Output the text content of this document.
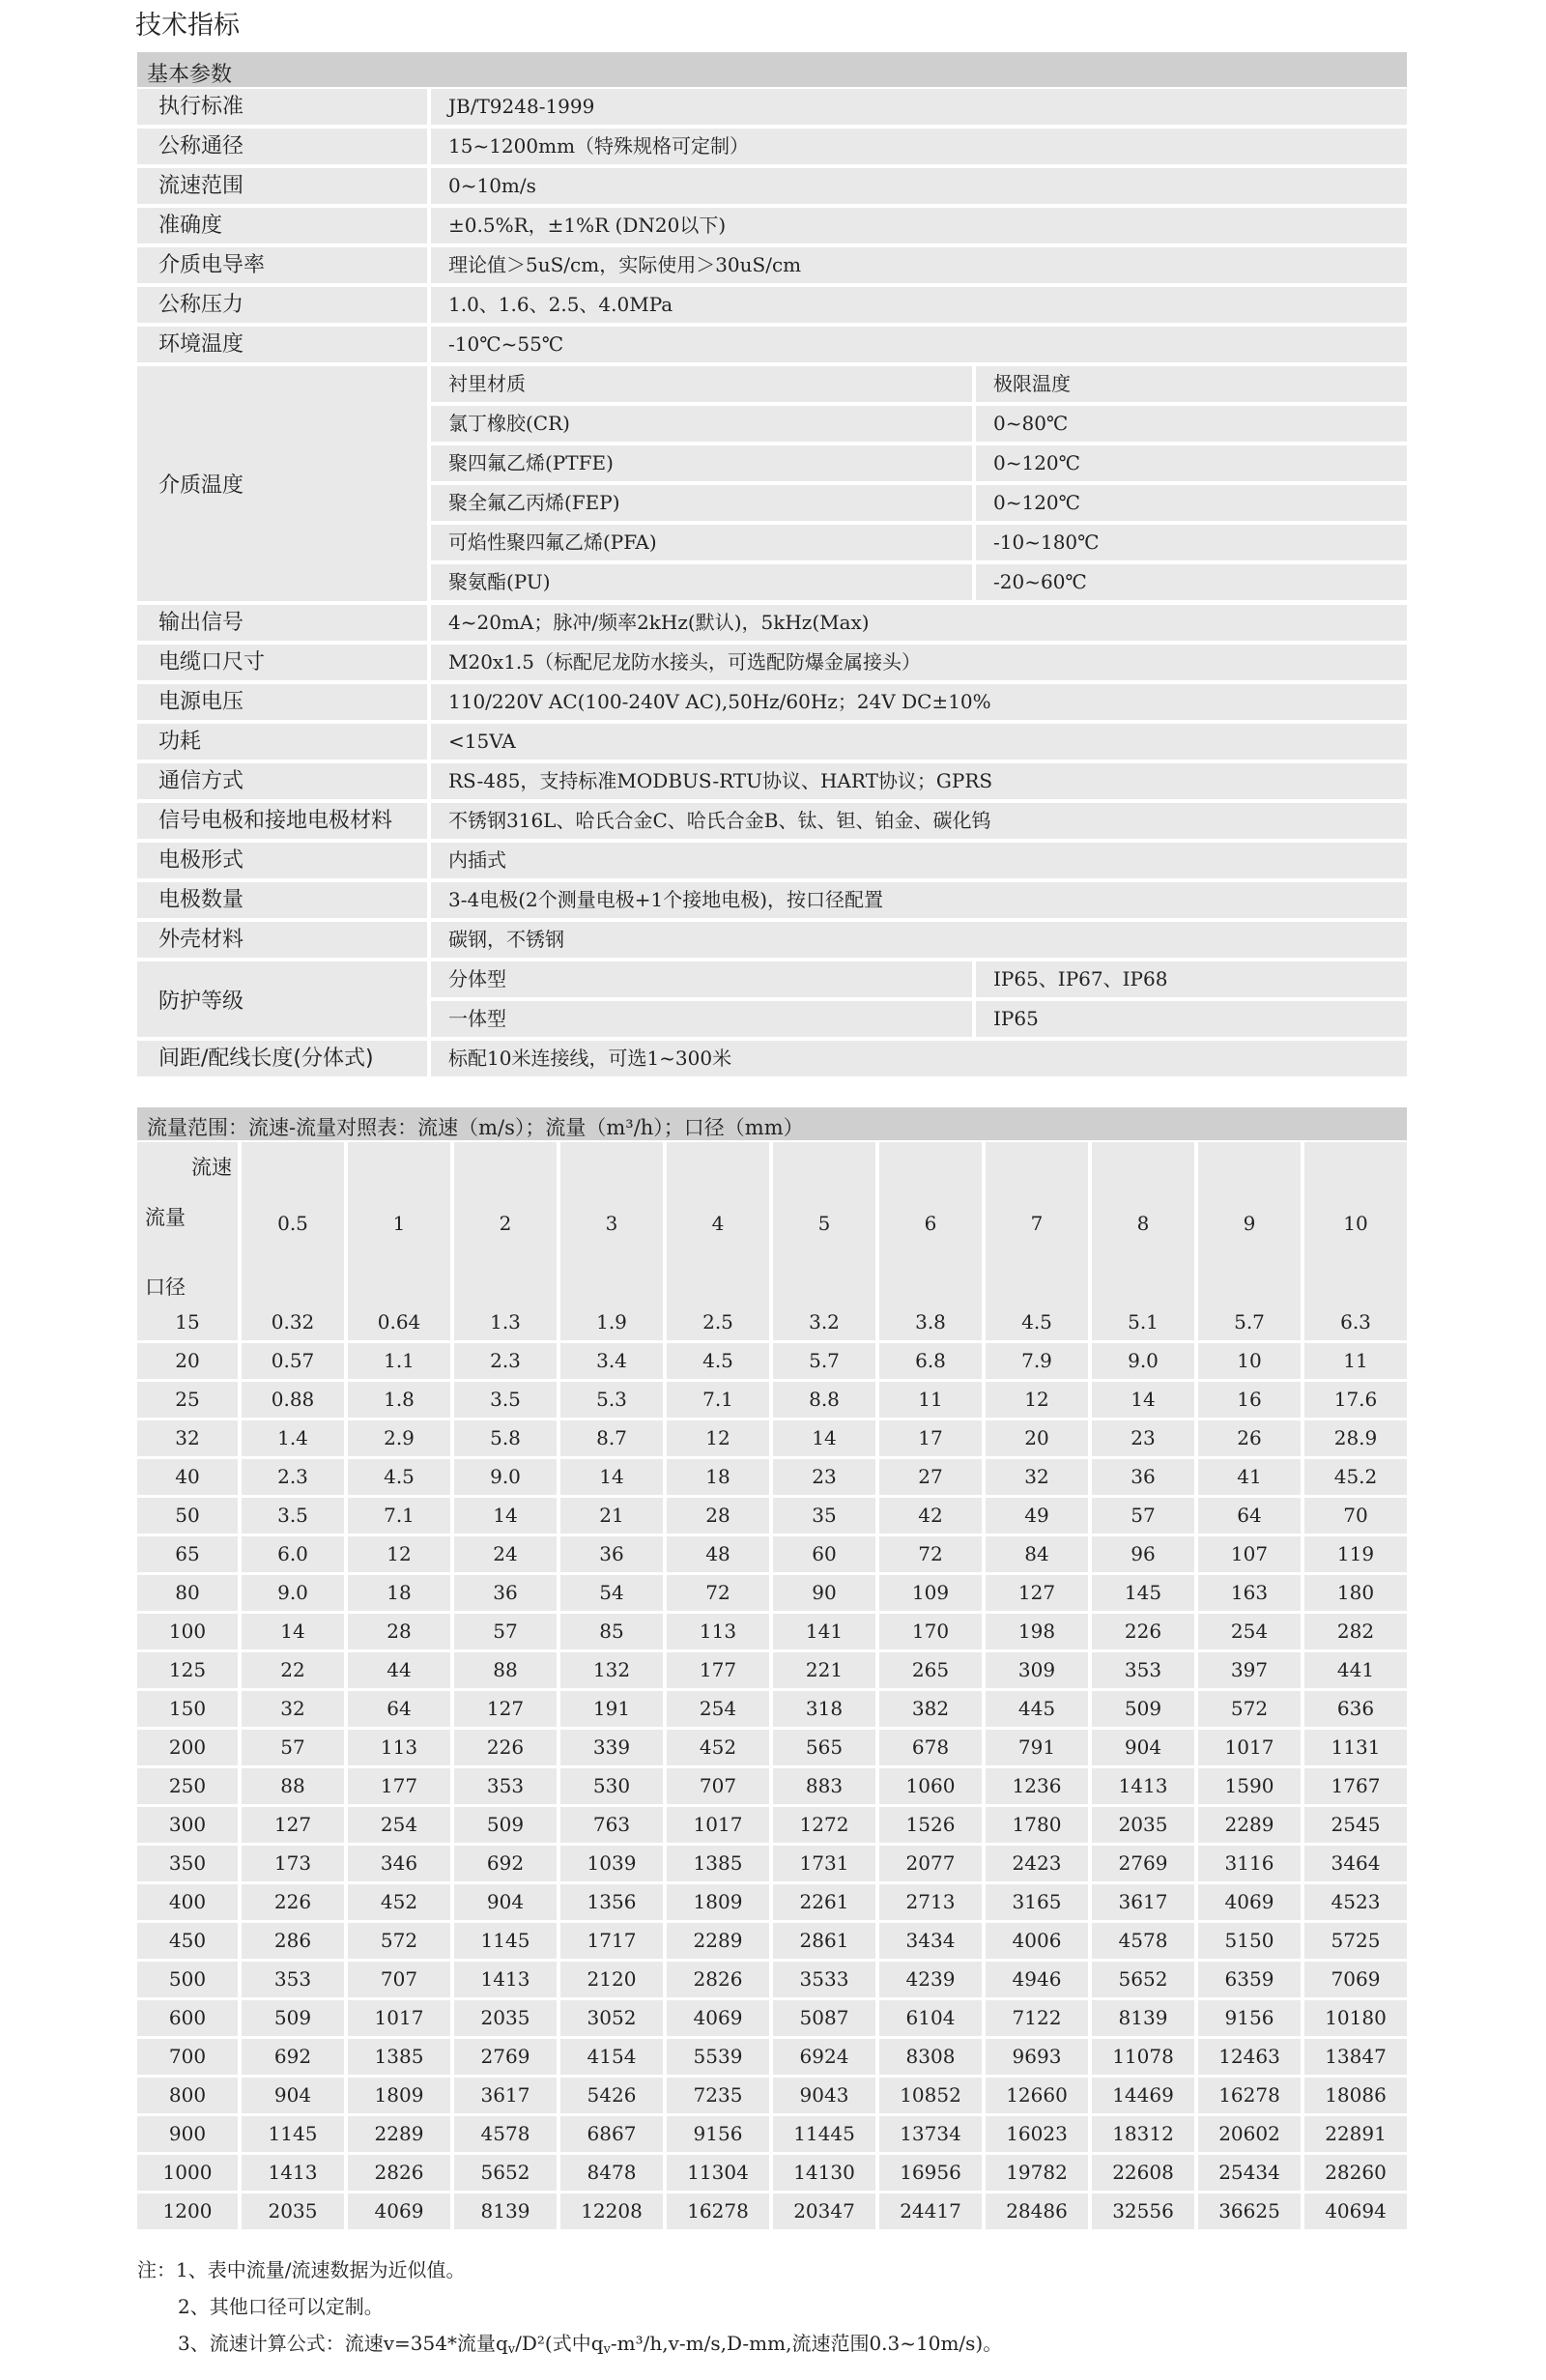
技术指标
基本参数
执行标准	JB/T9248-1999
公称通径	15~1200mm（特殊规格可定制）
流速范围	0~10m/s
准确度	±0.5%R，±1%R (DN20以下)
介质电导率	理论值＞5uS/cm，实际使用＞30uS/cm
公称压力	1.0、1.6、2.5、4.0MPa
环境温度	-10℃~55℃
介质温度
衬里材质	极限温度
氯丁橡胶(CR)	0~80℃
聚四氟乙烯(PTFE)	0~120℃
聚全氟乙丙烯(FEP)	0~120℃
可焰性聚四氟乙烯(PFA)	-10~180℃
聚氨酯(PU)	-20~60℃
输出信号	4~20mA；脉冲/频率2kHz(默认)，5kHz(Max)
电缆口尺寸	M20x1.5（标配尼龙防水接头，可选配防爆金属接头）
电源电压	110/220V AC(100-240V AC),50Hz/60Hz；24V DC±10%
功耗	<15VA
通信方式	RS-485，支持标准MODBUS-RTU协议、HART协议；GPRS
信号电极和接地电极材料	不锈钢316L、哈氏合金C、哈氏合金B、钛、钽、铂金、碳化钨
电极形式	内插式
电极数量	3-4电极(2个测量电极+1个接地电极)，按口径配置
外壳材料	碳钢，不锈钢
防护等级
分体型	IP65、IP67、IP68
一体型	IP65
间距/配线长度(分体式)	标配10米连接线，可选1~300米
流量范围：流速-流量对照表：流速（m/s）；流量（m³/h）；口径（mm）
流速
流量
口径
0.5	1	2	3	4	5	6	7	8	9	10
15	0.32	0.64	1.3	1.9	2.5	3.2	3.8	4.5	5.1	5.7	6.3
20	0.57	1.1	2.3	3.4	4.5	5.7	6.8	7.9	9.0	10	11
25	0.88	1.8	3.5	5.3	7.1	8.8	11	12	14	16	17.6
32	1.4	2.9	5.8	8.7	12	14	17	20	23	26	28.9
40	2.3	4.5	9.0	14	18	23	27	32	36	41	45.2
50	3.5	7.1	14	21	28	35	42	49	57	64	70
65	6.0	12	24	36	48	60	72	84	96	107	119
80	9.0	18	36	54	72	90	109	127	145	163	180
100	14	28	57	85	113	141	170	198	226	254	282
125	22	44	88	132	177	221	265	309	353	397	441
150	32	64	127	191	254	318	382	445	509	572	636
200	57	113	226	339	452	565	678	791	904	1017	1131
250	88	177	353	530	707	883	1060	1236	1413	1590	1767
300	127	254	509	763	1017	1272	1526	1780	2035	2289	2545
350	173	346	692	1039	1385	1731	2077	2423	2769	3116	3464
400	226	452	904	1356	1809	2261	2713	3165	3617	4069	4523
450	286	572	1145	1717	2289	2861	3434	4006	4578	5150	5725
500	353	707	1413	2120	2826	3533	4239	4946	5652	6359	7069
600	509	1017	2035	3052	4069	5087	6104	7122	8139	9156	10180
700	692	1385	2769	4154	5539	6924	8308	9693	11078	12463	13847
800	904	1809	3617	5426	7235	9043	10852	12660	14469	16278	18086
900	1145	2289	4578	6867	9156	11445	13734	16023	18312	20602	22891
1000	1413	2826	5652	8478	11304	14130	16956	19782	22608	25434	28260
1200	2035	4069	8139	12208	16278	20347	24417	28486	32556	36625	40694
注：1、表中流量/流速数据为近似值。
2、其他口径可以定制。
3、流速计算公式：流速v=354*流量$q_v/D^2$(式中$q_v-m^3/h,v-m/s,D-mm$,流速范围0.3~10m/s)。
